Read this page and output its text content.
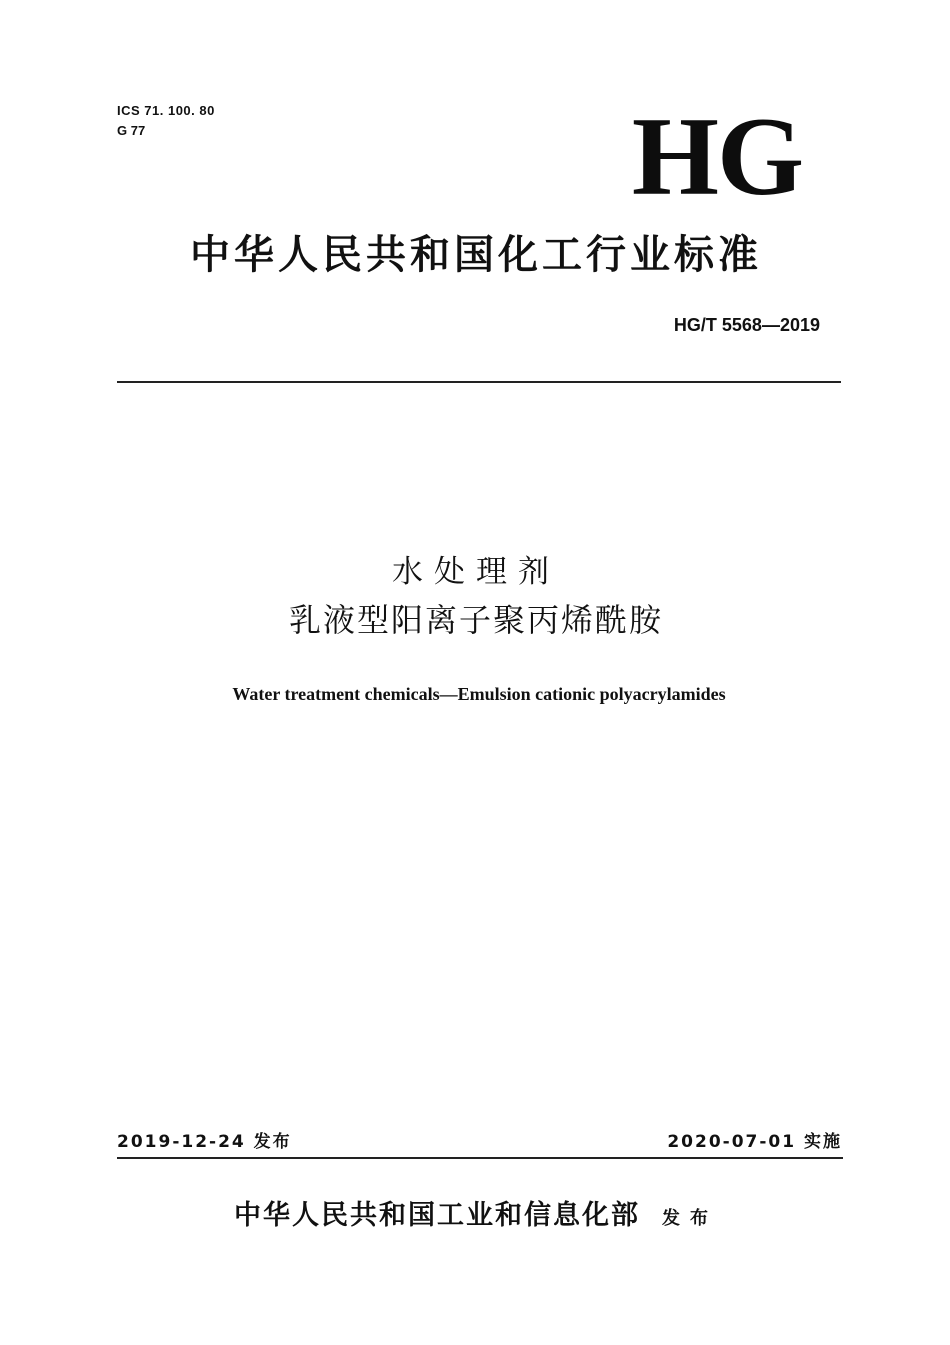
ICS 71. 100. 80
G 77	HG
中华人民共和国化工行业标准
HG/T 5568—2019
水处理剂
乳液型阳离子聚丙烯酰胺
Water treatment chemicals—Emulsion cationic polyacrylamides
2019-12-24 发布	2020-07-01 实施
中华人民共和国工业和信息化部 发布
